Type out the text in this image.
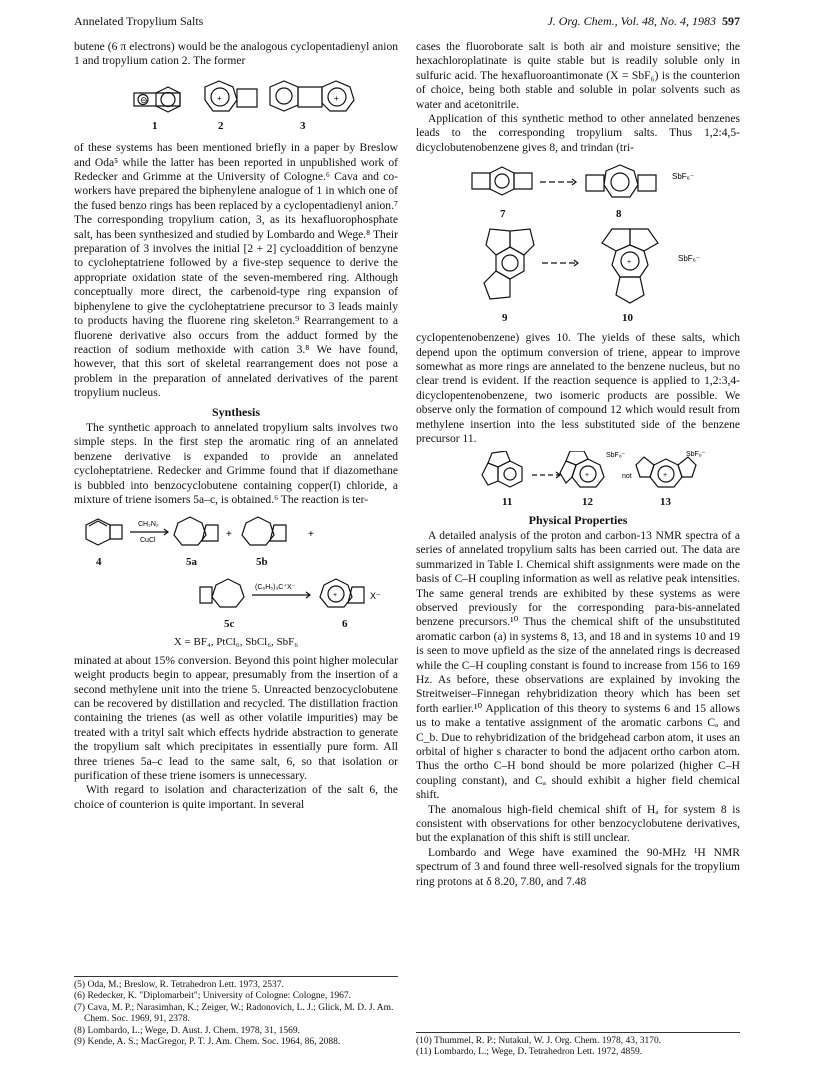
Annelated Tropylium Salts	J. Org. Chem., Vol. 48, No. 4, 1983 597

butene (6 π electrons) would be the analogous cyclopentadienyl anion 1 and tropylium cation 2. The former

⊖	+	+
1	2	3

of these systems has been mentioned briefly in a paper by Breslow and Oda⁵ while the latter has been reported in unpublished work of Redecker and Grimme at the University of Cologne.⁶ Cava and co-workers have prepared the biphenylene analogue of 1 in which one of the fused benzo rings has been replaced by a cyclopentadienyl anion.⁷ The corresponding tropylium cation, 3, as its hexafluorophosphate salt, has been synthesized and studied by Lombardo and Wege.⁸ Their preparation of 3 involves the initial [2 + 2] cycloaddition of benzyne to cycloheptatriene followed by a five-step sequence to derive the appropriate oxidation state of the seven-membered ring. Although conceptually more direct, the carbenoid-type ring expansion of biphenylene to give the cycloheptatriene precursor to 3 leads mainly to products having the fluorene ring skeleton.⁹ Rearrangement to a fluorene derivative also occurs from the adduct formed by the reaction of sodium methoxide with cation 3.⁸ We have found, however, that this sort of skeletal rearrangement does not pose a problem in the preparation of annelated derivatives of the parent tropylium nucleus.

Synthesis

The synthetic approach to annelated tropylium salts involves two simple steps. In the first step the aromatic ring of an annelated benzene derivative is expanded to provide an annelated cycloheptatriene. Redecker and Grimme found that if diazomethane is bubbled into benzocyclobutene containing copper(I) chloride, a mixture of triene isomers 5a–c, is obtained.⁶ The reaction is ter-

CH₂N₂
CuCl
+	+
4	5a	5b
(C₆H₅)₃C⁺X⁻
+	X⁻
5c	6
X = BF₄, PtCl₆, SbCl₆, SbF₆

minated at about 15% conversion. Beyond this point higher molecular weight products begin to appear, presumably from the insertion of a second methylene unit into the triene 5. Unreacted benzocyclobutene can be recovered by distillation and recycled. The distillation fraction containing the trienes (as well as other volatile impurities) may be treated with a trityl salt which effects hydride abstraction to generate the tropylium salt which precipitates in essentially pure form. All three trienes 5a–c lead to the same salt, 6, so that isolation or purification of these triene isomers is unnecessary.

With regard to isolation and characterization of the salt 6, the choice of counterion is quite important. In several

(5) Oda, M.; Breslow, R. Tetrahedron Lett. 1973, 2537.
(6) Redecker, K. "Diplomarbeit"; University of Cologne: Cologne, 1967.
(7) Cava, M. P.; Narasimhan, K.; Zeiger, W.; Radonovich, L. J.; Glick, M. D. J. Am. Chem. Soc. 1969, 91, 2378.
(8) Lombardo, L.; Wege, D. Aust. J. Chem. 1978, 31, 1569.
(9) Kende, A. S.; MacGregor, P. T. J. Am. Chem. Soc. 1964, 86, 2088.

cases the fluoroborate salt is both air and moisture sensitive; the hexachloroplatinate is quite stable but is readily soluble only in sulfuric acid. The hexafluoroantimonate (X = SbF₆) is the counterion of choice, being both stable and soluble in polar solvents such as water and acetonitrile.

Application of this synthetic method to other annelated benzenes leads to the corresponding tropylium salts. Thus 1,2:4,5-dicyclobutenobenzene gives 8, and trindan (tri-

SbF₆⁻
7	8
+	SbF₆⁻
9	10

cyclopentenobenzene) gives 10. The yields of these salts, which depend upon the optimum conversion of triene, appear to improve somewhat as more rings are annelated to the benzene nucleus, but no clear trend is evident. If the reaction sequence is applied to 1,2:3,4-dicyclopentenobenzene, two isomeric products are possible. We observe only the formation of compound 12 which would result from methylene insertion into the less substituted side of the benzene precursor 11.

+	+
SbF₆⁻	SbF₆⁻
not
11	12	13
Physical Properties

A detailed analysis of the proton and carbon-13 NMR spectra of a series of annelated tropylium salts has been carried out. The data are summarized in Table I. Chemical shift assignments were made on the basis of C–H coupling information as well as relative peak intensities. The same general trends are exhibited by these systems as were observed previously for the corresponding para-bis-annelated benzene precursors.¹⁰ Thus the chemical shift of the unsubstituted aromatic carbon (a) in systems 8, 13, and 18 and in systems 10 and 19 is seen to move upfield as the size of the annelated rings is decreased while the C–H coupling constant is found to increase from 156 to 169 Hz. As before, these observations are explained by invoking the Streitweiser–Finnegan rehybridization theory which has been set forth earlier.¹⁰ Application of this theory to systems 6 and 15 allows us to make a tentative assignment of the aromatic carbons Cₐ and C_b. Due to rehybridization of the bridgehead carbon atom, it uses an orbital of higher s character to bond the adjacent ortho carbon atom. Thus the ortho C–H bond should be more polarized (higher C–H coupling constant), and Cₐ should exhibit a higher field chemical shift.

The anomalous high-field chemical shift of Hₐ for system 8 is consistent with observations for other benzocyclobutene derivatives, but the explanation of this shift is still unclear.

Lombardo and Wege have examined the 90-MHz ¹H NMR spectrum of 3 and found three well-resolved signals for the tropylium ring protons at δ 8.20, 7.80, and 7.48

(10) Thummel, R. P.; Nutakul, W. J. Org. Chem. 1978, 43, 3170.
(11) Lombardo, L.; Wege, D. Tetrahedron Lett. 1972, 4859.
